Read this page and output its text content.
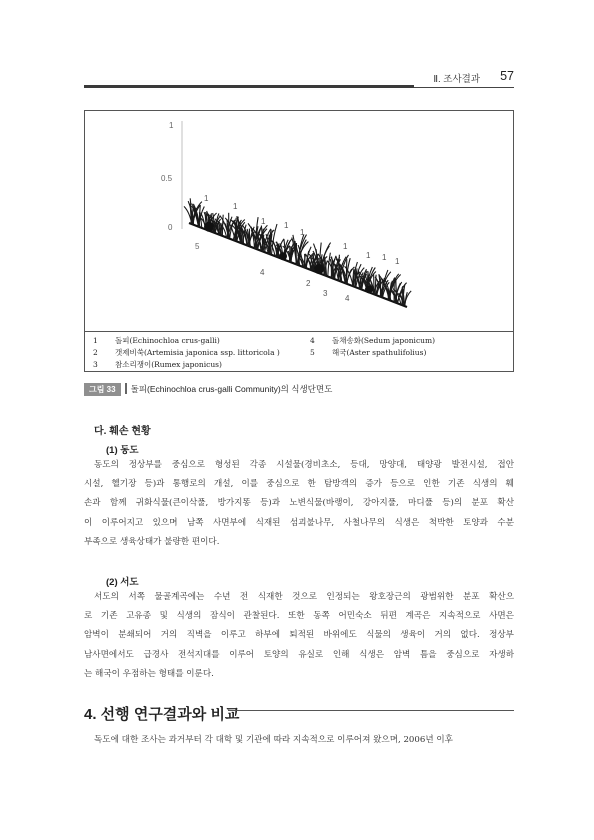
Ⅱ. 조사결과 57
1
0.5
0
5
1
1
1 1
1
1
1 1 1
4
2
3
4
1 돌피(Echinochloa crus-galli)
2 갯제비쑥(Artemisia japonica ssp. littoricola )
3 참소리쟁이(Rumex japonicus)
4 돌채송화(Sedum japonicum)
5 해국(Aster spathulifolius)
그림 33 돌피(Echinochloa crus-galli Community)의 식생단면도
다. 훼손 현황
(1) 동도
동도의 정상부를 중심으로 형성된 각종 시설물(경비초소, 등대, 망양대, 태양광 발전시설, 접안
시설, 헬기장 등)과 통행로의 개설, 이를 중심으로 한 탐방객의 증가 등으로 인한 기존 식생의 훼
손과 함께 귀화식물(큰이삭풀, 방가지똥 등)과 노변식물(바랭이, 강아지풀, 마디풀 등)의 분포 확산
이 이루어지고 있으며 남쪽 사면부에 식재된 섬괴불나무, 사철나무의 식생은 척박한 토양과 수분
부족으로 생육상태가 불량한 편이다.
(2) 서도
서도의 서쪽 물골계곡에는 수년 전 식재한 것으로 인정되는 왕호장근의 광범위한 분포 확산으
로 기존 고유종 및 식생의 잠식이 관찰된다. 또한 동쪽 어민숙소 뒤편 계곡은 지속적으로 사면은
암벽이 분쇄되어 거의 직벽을 이루고 하부에 퇴적된 바위에도 식물의 생육이 거의 없다. 정상부
남사면에서도 급경사 전석지대를 이루어 토양의 유실로 인해 식생은 암벽 틈을 중심으로 자생하
는 해국이 우점하는 형태를 이룬다.
4. 선행 연구결과와 비교
독도에 대한 조사는 과거부터 각 대학 및 기관에 따라 지속적으로 이루어져 왔으며, 2006년 이후
